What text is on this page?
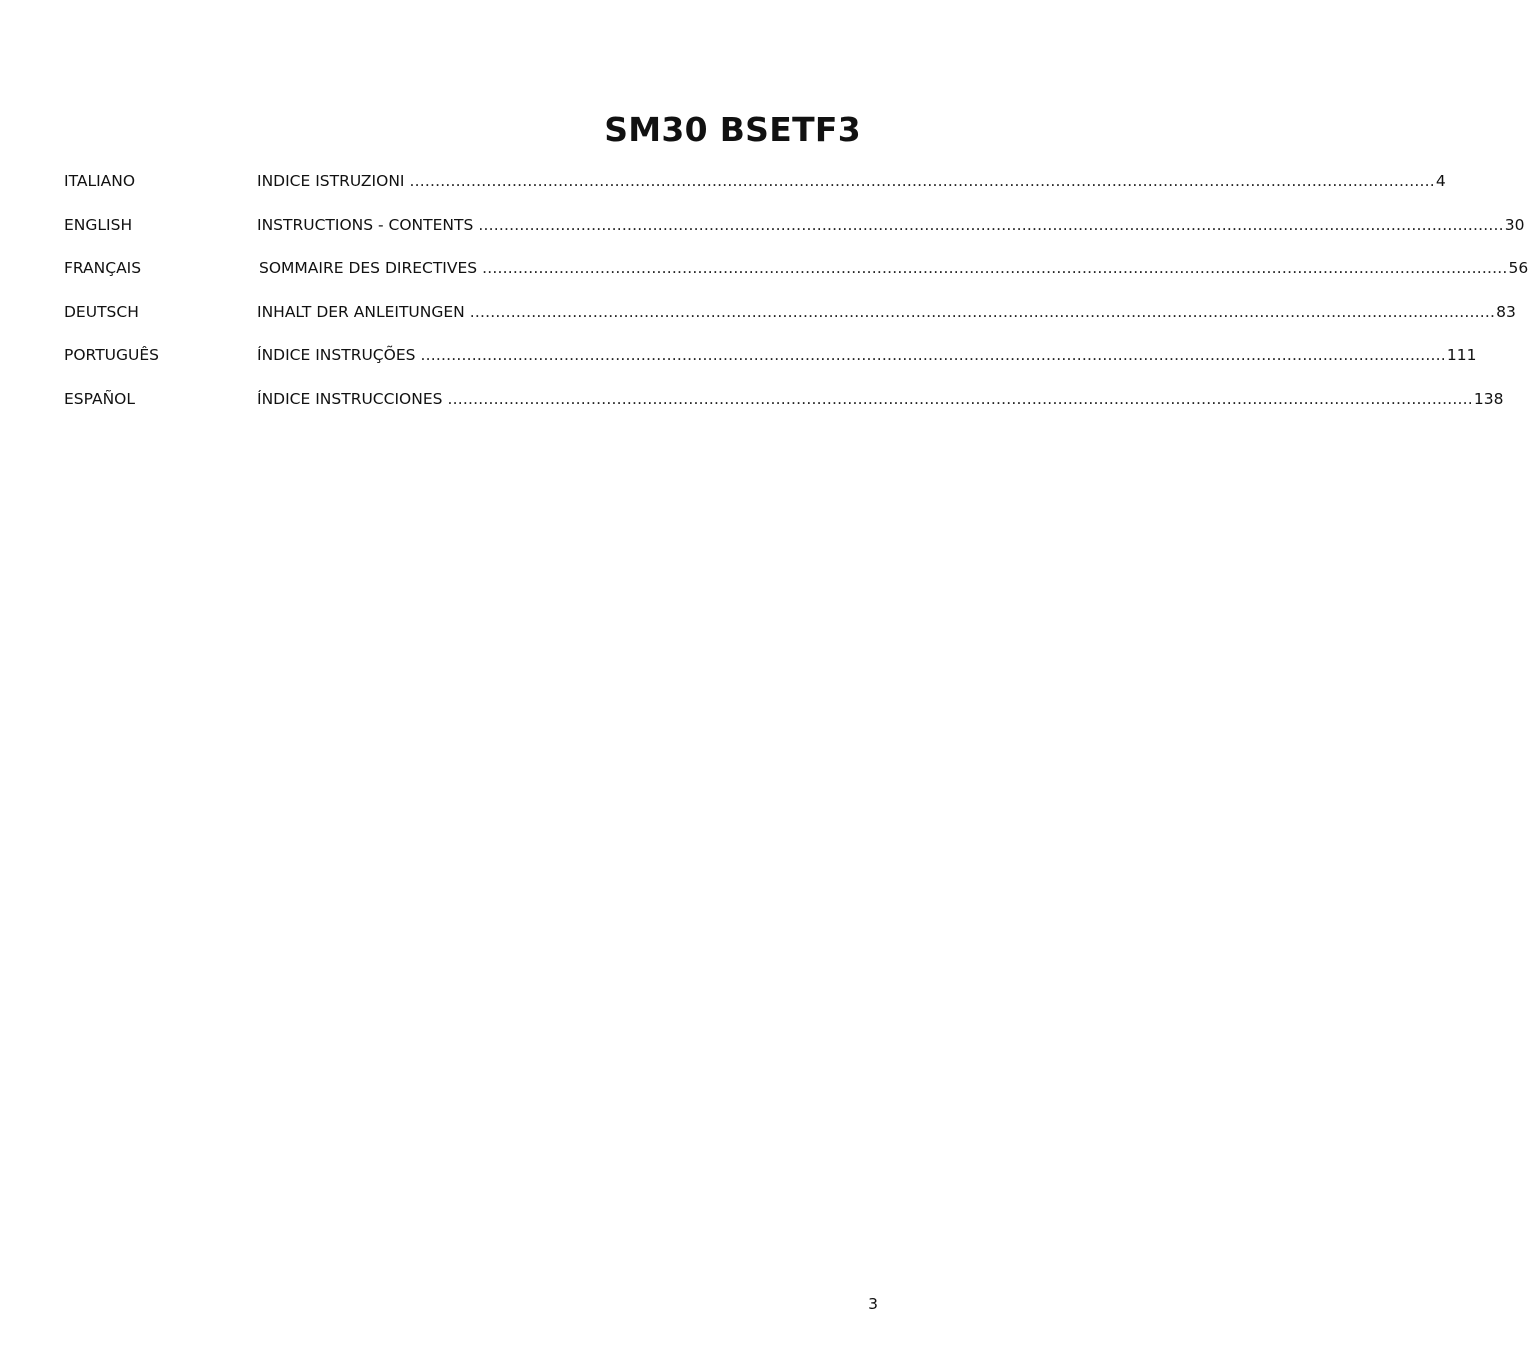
SM30 BSETF3
ITALIANO	INDICE ISTRUZIONI ........................................................................................................................................................................................................ 4
ENGLISH	INSTRUCTIONS - CONTENTS ........................................................................................................................................................................................................ 30
FRANÇAIS	SOMMAIRE DES DIRECTIVES ........................................................................................................................................................................................................ 56
DEUTSCH	INHALT DER ANLEITUNGEN ........................................................................................................................................................................................................ 83
PORTUGUÊS	ÍNDICE INSTRUÇÕES ........................................................................................................................................................................................................ 111
ESPAÑOL	ÍNDICE INSTRUCCIONES ........................................................................................................................................................................................................ 138
3
